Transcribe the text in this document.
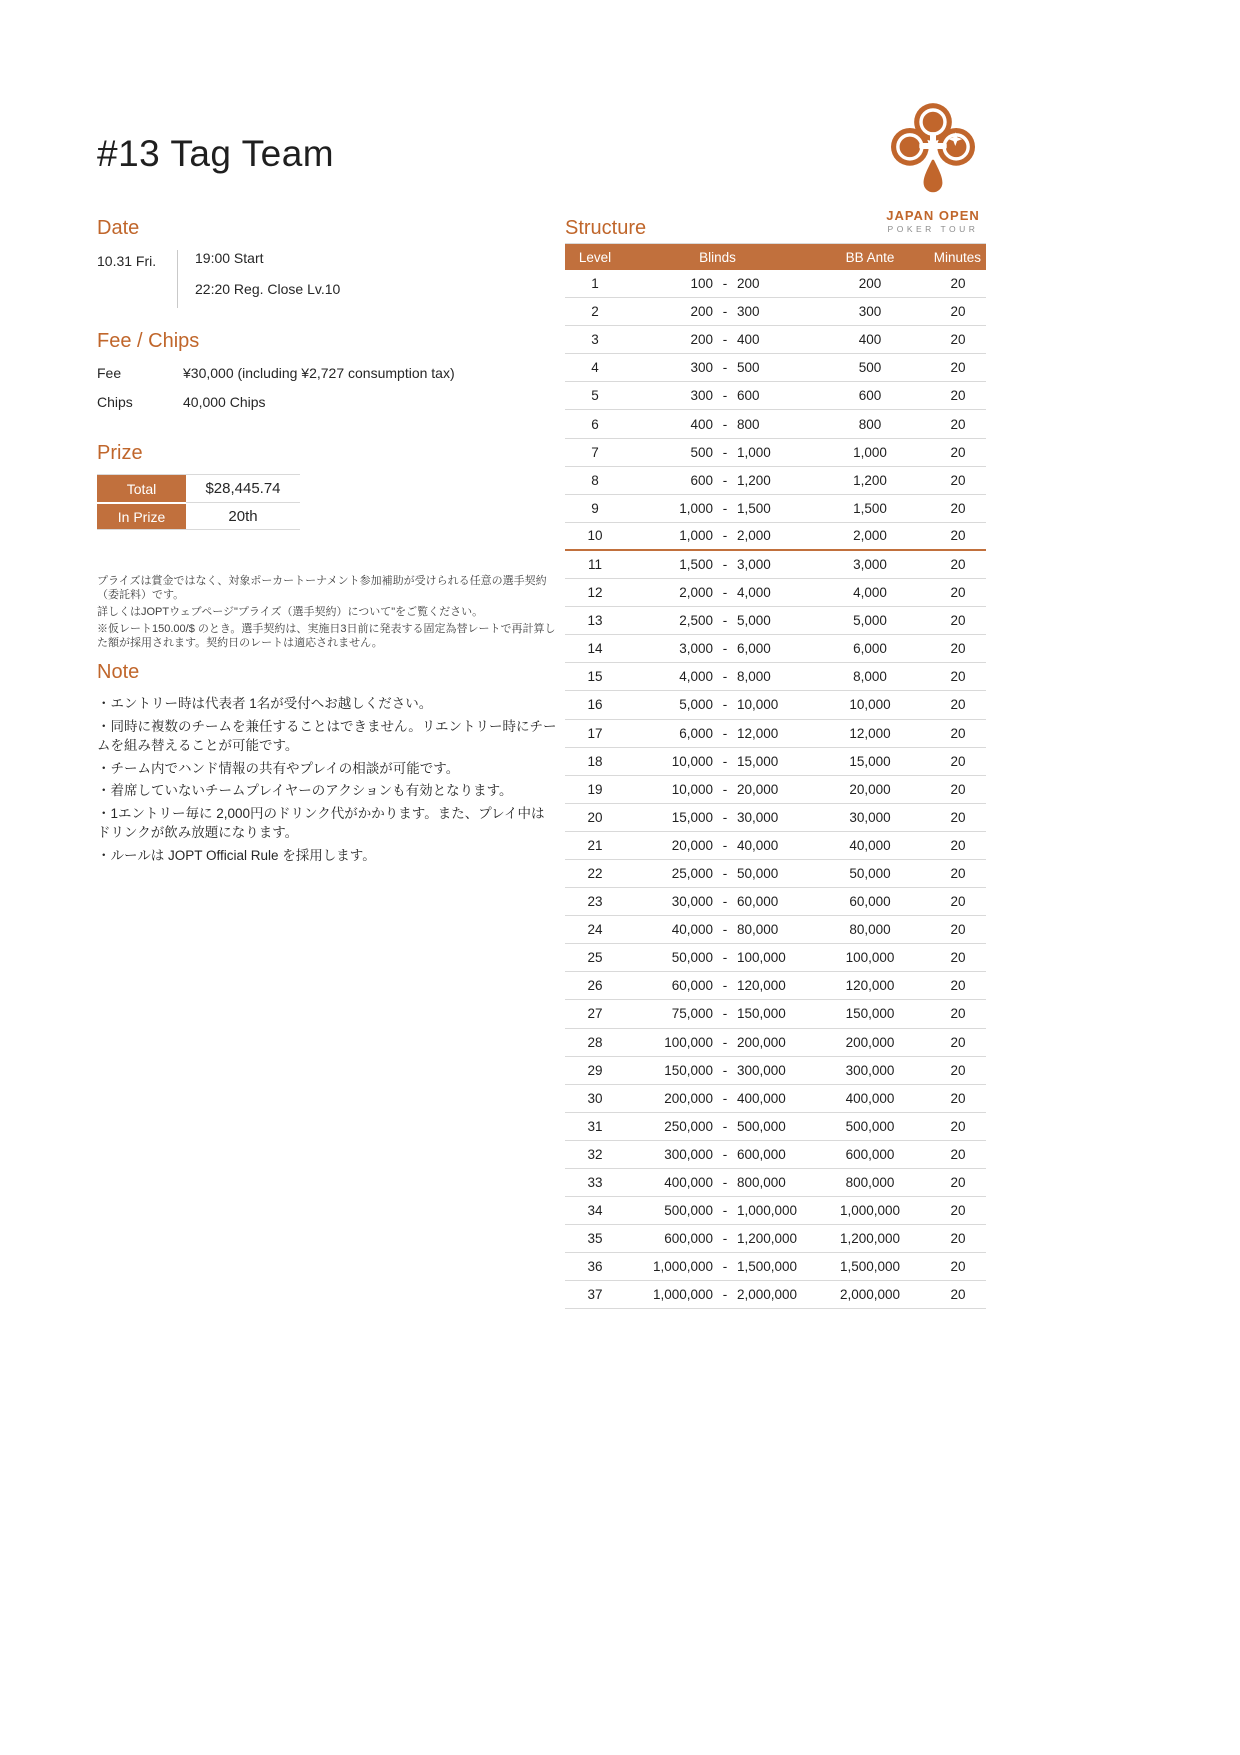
#13 Tag Team
JAPAN OPEN
POKER TOUR
Date
10.31 Fri.	19:00 Start
22:20 Reg. Close Lv.10
Fee / Chips
Fee	¥30,000 (including ¥2,727 consumption tax)
Chips	40,000 Chips
Prize
Total	$28,445.74
In Prize	20th

プライズは賞金ではなく、対象ポーカートーナメント参加補助が受けられる任意の選手契約（委託料）です。

詳しくはJOPTウェブページ"プライズ（選手契約）について"をご覧ください。

※仮レート150.00/$ のとき。選手契約は、実施日3日前に発表する固定為替レートで再計算した額が採用されます。契約日のレートは適応されません。

Note
・エントリー時は代表者 1名が受付へお越しください。
・同時に複数のチームを兼任することはできません。リエントリー時にチームを組み替えることが可能です。
・チーム内でハンド情報の共有やプレイの相談が可能です。
・着席していないチームプレイヤーのアクションも有効となります。
・1エントリー毎に 2,000円のドリンク代がかかります。また、プレイ中はドリンクが飲み放題になります。
・ルールは JOPT Official Rule を採用します。
Structure
Level	Blinds	BB Ante	Minutes
1	100 - 200	200	20
2	200 - 300	300	20
3	200 - 400	400	20
4	300 - 500	500	20
5	300 - 600	600	20
6	400 - 800	800	20
7	500 - 1,000	1,000	20
8	600 - 1,200	1,200	20
9	1,000 - 1,500	1,500	20
10	1,000 - 2,000	2,000	20
11	1,500 - 3,000	3,000	20
12	2,000 - 4,000	4,000	20
13	2,500 - 5,000	5,000	20
14	3,000 - 6,000	6,000	20
15	4,000 - 8,000	8,000	20
16	5,000 - 10,000	10,000	20
17	6,000 - 12,000	12,000	20
18	10,000 - 15,000	15,000	20
19	10,000 - 20,000	20,000	20
20	15,000 - 30,000	30,000	20
21	20,000 - 40,000	40,000	20
22	25,000 - 50,000	50,000	20
23	30,000 - 60,000	60,000	20
24	40,000 - 80,000	80,000	20
25	50,000 - 100,000	100,000	20
26	60,000 - 120,000	120,000	20
27	75,000 - 150,000	150,000	20
28	100,000 - 200,000	200,000	20
29	150,000 - 300,000	300,000	20
30	200,000 - 400,000	400,000	20
31	250,000 - 500,000	500,000	20
32	300,000 - 600,000	600,000	20
33	400,000 - 800,000	800,000	20
34	500,000 - 1,000,000	1,000,000	20
35	600,000 - 1,200,000	1,200,000	20
36	1,000,000 - 1,500,000	1,500,000	20
37	1,000,000 - 2,000,000	2,000,000	20
